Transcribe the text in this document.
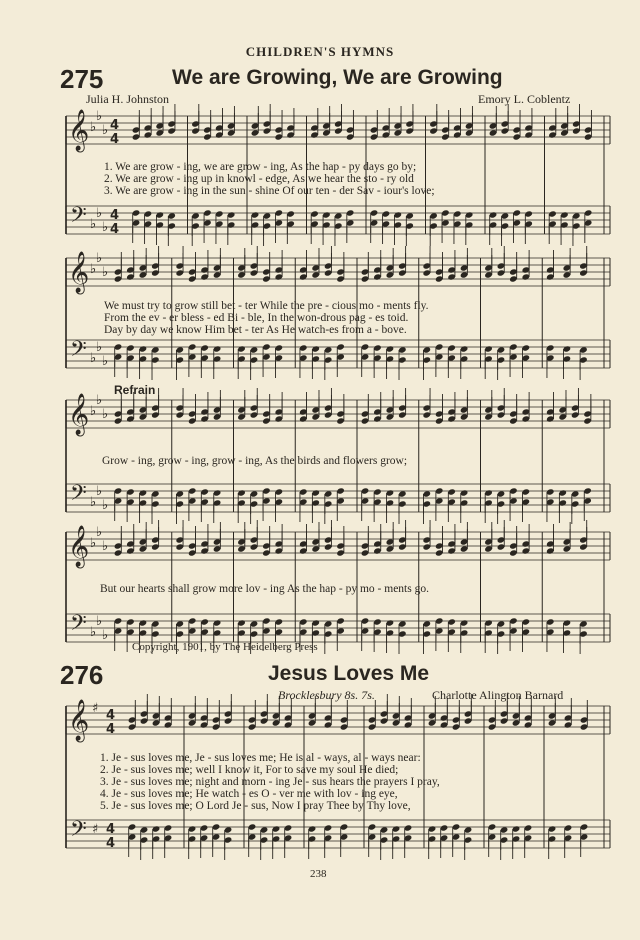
CHILDREN'S HYMNS
275	We are Growing, We are Growing
Julia H. Johnston	Emory L. Coblentz
𝄞
𝄢
♭
♭
♭
♭
♭
♭
4
4
4
4
𝄞
𝄢
♭
♭
♭
♭
♭
♭
𝄞
𝄢
♭
♭
♭
♭
♭
♭
𝄞
𝄢
♭
♭
♭
♭
♭
♭
𝄞
𝄢
♯
♯
4
4
4
4
1. We are grow - ing, we are grow - ing, As the hap - py days go by;
2. We are grow - ing up in knowl - edge, As we hear the sto - ry old
3. We are grow - ing in the sun - shine Of our ten - der Sav - iour's love;
We must try to grow still bet - ter While the pre - cious mo - ments fly.
From the ev - er bless - ed Bi - ble, In the won-drous pag - es toid.
Day by day we know Him bet - ter As He watch-es from a - bove.
Refrain
Grow - ing, grow - ing, grow - ing, As the birds and flowers grow;
But our hearts shall grow more lov - ing As the hap - py mo - ments go.
Copyright, 1901, by The Heidelberg Press
276	Jesus Loves Me
Brocklesbury 8s. 7s.	Charlotte Alington Barnard
1. Je - sus loves me, Je - sus loves me; He is al - ways, al - ways near:
2. Je - sus loves me; well I know it, For to save my soul He died;
3. Je - sus loves me; night and morn - ing Je - sus hears the prayers I pray,
4. Je - sus loves me; He watch - es O - ver me with lov - ing eye,
5. Je - sus loves me; O Lord Je - sus, Now I pray Thee by Thy love,
238
